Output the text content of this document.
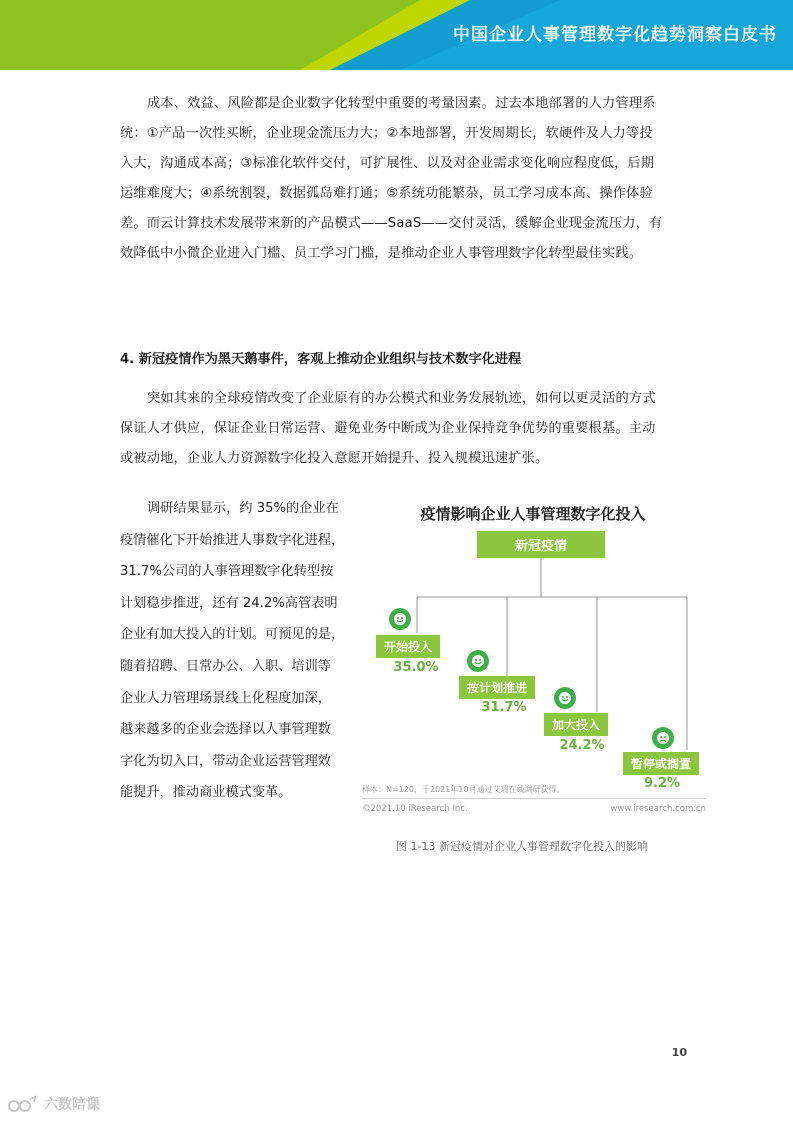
中国企业人事管理数字化趋势洞察白皮书
成本、效益、风险都是企业数字化转型中重要的考量因素。过去本地部署的人力管理系
统：①产品一次性买断，企业现金流压力大；②本地部署，开发周期长，软硬件及人力等投
入大，沟通成本高；③标准化软件交付，可扩展性、以及对企业需求变化响应程度低，后期
运维难度大；④系统割裂，数据孤岛难打通；⑤系统功能繁杂，员工学习成本高、操作体验
差。而云计算技术发展带来新的产品模式——SaaS——交付灵活，缓解企业现金流压力，有
效降低中小微企业进入门槛、员工学习门槛，是推动企业人事管理数字化转型最佳实践。
4. 新冠疫情作为黑天鹅事件，客观上推动企业组织与技术数字化进程
突如其来的全球疫情改变了企业原有的办公模式和业务发展轨迹，如何以更灵活的方式
保证人才供应，保证企业日常运营、避免业务中断成为企业保持竞争优势的重要根基。主动
或被动地，企业人力资源数字化投入意愿开始提升、投入规模迅速扩张。
调研结果显示，约 35%的企业在
疫情催化下开始推进人事数字化进程，
31.7%公司的人事管理数字化转型按
计划稳步推进，还有 24.2%高管表明
企业有加大投入的计划。可预见的是，
随着招聘、日常办公、入职、培训等
企业人力管理场景线上化程度加深，
越来越多的企业会选择以人事管理数
字化为切入口，带动企业运营管理效
能提升，推动商业模式变革。
疫情影响企业人事管理数字化投入
新冠疫情
开始投入
35.0%
按计划推进
31.7%
加大投入
24.2%
暂停或搁置
9.2%
样本：N=120，于2021年10月通过艾瑞在线调研获得。
©2021.10 iResearch Inc.	www.iresearch.com.cn
图 1-13 新冠疫情对企业人事管理数字化投入的影响
10
六数陪课
